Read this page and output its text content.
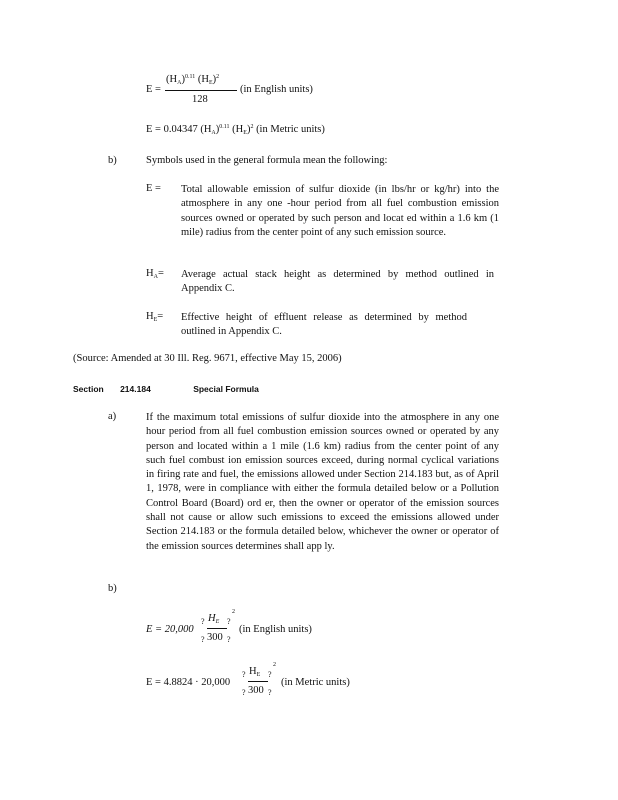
E =
(HA)$^{0.11}$ (HE)$^2$
128
(in English units)
E = 0.04347 (HA)$^{0.11}$ (HE)$^2$ (in Metric units)
b)	Symbols used in the general formula mean the following:
E = Total allowable emission of sulfur dioxide (in lbs/hr or kg/hr) into the atmosphere in any one -hour period from all fuel combustion emission sources owned or operated by such person and locat ed within a 1.6 km (1 mile) radius from the center point of any such emission source.
HA= Average actual stack height as determined by method outlined in Appendix C.
HE= Effective height of effluent release as determined by method outlined in Appendix C.
(Source: Amended at 30 Ill. Reg. 9671, effective May 15, 2006)
Section 214.184	Special Formula
a)	If the maximum total emissions of sulfur dioxide into the atmosphere in any one hour period from all fuel combustion emission sources owned or operated by any person and located within a 1 mile (1.6 km) radius from the center point of any such fuel combust ion emission sources exceed, during normal cyclical variations in firing rate and fuel, the emissions allowed under Section 214.183 but, as of April 1, 1978, were in compliance with either the formula detailed below or a Pollution Control Board (Board) ord er, then the owner or operator of the emission sources shall not cause or allow such emissions to exceed the emissions allowed under Section 214.183 or the formula detailed below, whichever the owner or operator of the emission sources determines shall app ly.
b)
E = 20,000
?
?
HE
300
?
?
2
(in English units)
E = 4.8824 · 20,000
?
?
HE
300
?
?
2
(in Metric units)
